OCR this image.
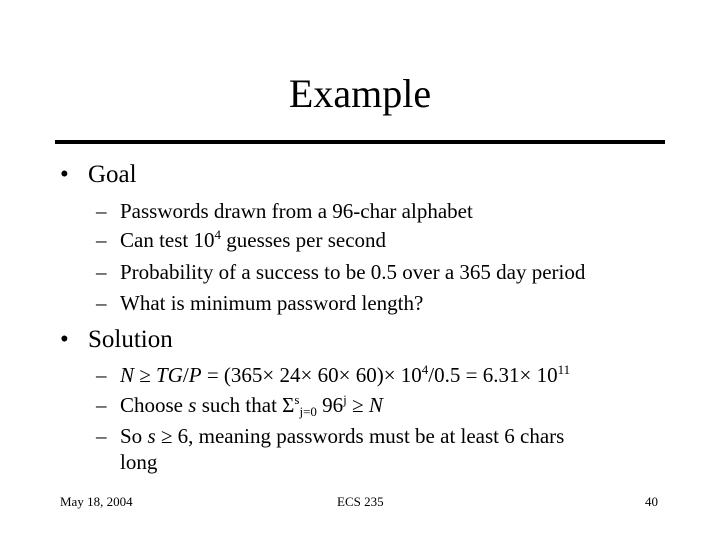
Example
• Goal
– Passwords drawn from a 96-char alphabet
– Can test $10^4$ guesses per second
– Probability of a success to be 0.5 over a 365 day period
– What is minimum password length?
• Solution
– $N \ge TG/P = (365\times 24\times 60\times 60)\times 10^4/0.5 = 6.31\times 10^{11}$
– Choose s such that $\Sigma^s_{j=0}$ $96^j \ge N$
– So s ≥ 6, meaning passwords must be at least 6 chars
long
May 18, 2004	ECS 235	40
